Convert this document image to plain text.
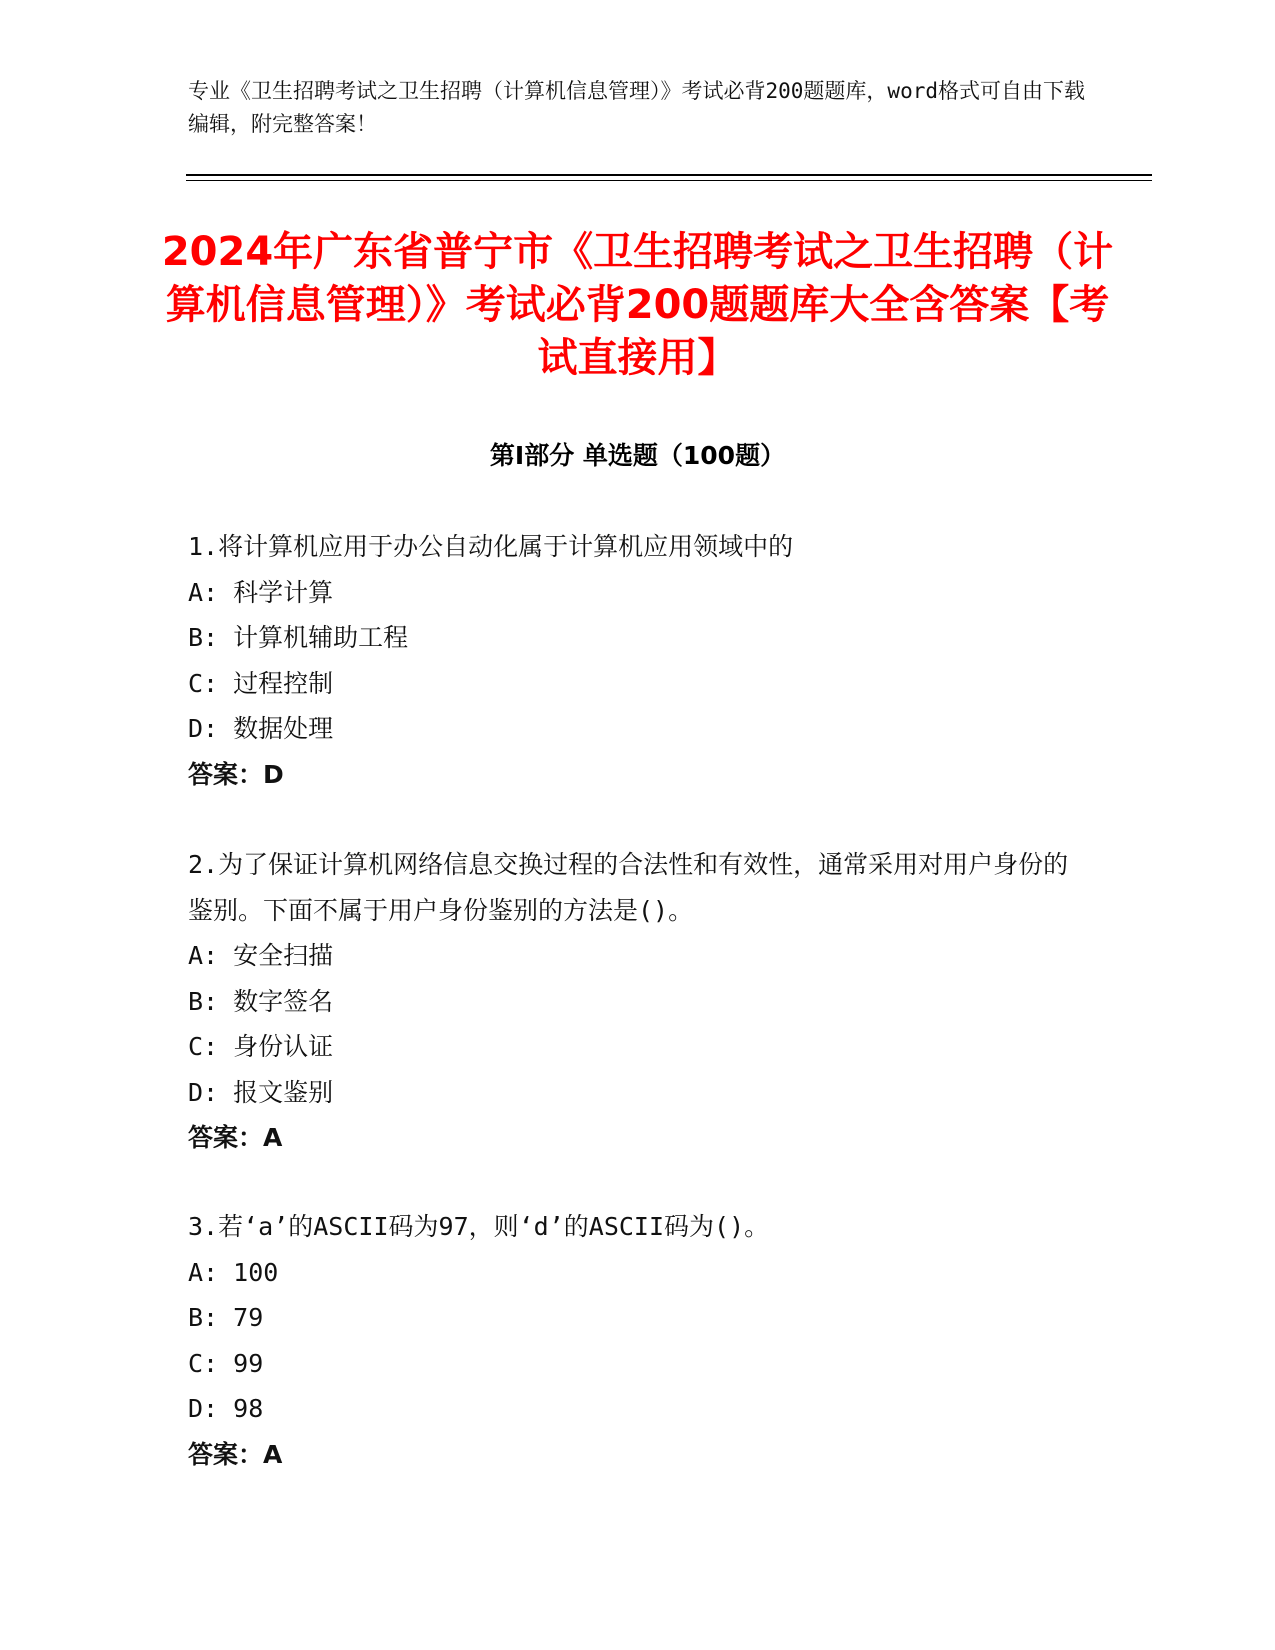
专业《卫生招聘考试之卫生招聘（计算机信息管理）》考试必背200题题库，word格式可自由下载编辑，附完整答案！
2024年广东省普宁市《卫生招聘考试之卫生招聘（计算机信息管理）》考试必背200题题库大全含答案【考试直接用】
第Ⅰ部分 单选题（100题）
1.将计算机应用于办公自动化属于计算机应用领域中的
A: 科学计算
B: 计算机辅助工程
C: 过程控制
D: 数据处理
答案：D
2.为了保证计算机网络信息交换过程的合法性和有效性，通常采用对用户身份的鉴别。下面不属于用户身份鉴别的方法是()。
A: 安全扫描
B: 数字签名
C: 身份认证
D: 报文鉴别
答案：A
3.若‘a’的ASCII码为97，则‘d’的ASCII码为()。
A: 100
B: 79
C: 99
D: 98
答案：A
